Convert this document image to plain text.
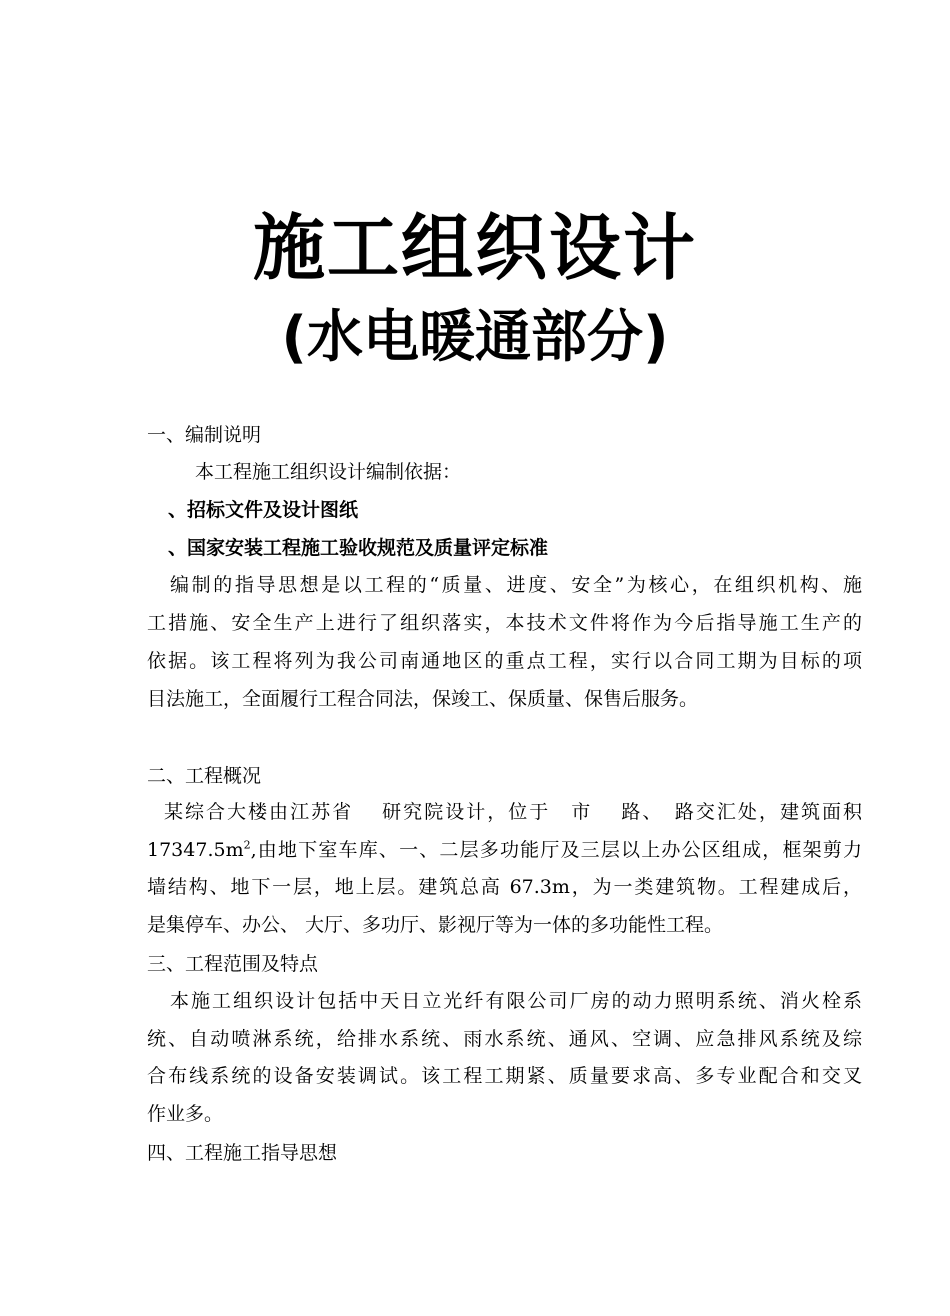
施工组织设计
(水电暖通部分)
一、编制说明
本工程施工组织设计编制依据：
、招标文件及设计图纸
、国家安装工程施工验收规范及质量评定标准
编制的指导思想是以工程的“质量、进度、安全”为核心，在组织机构、施
工措施、安全生产上进行了组织落实，本技术文件将作为今后指导施工生产的
依据。该工程将列为我公司南通地区的重点工程，实行以合同工期为目标的项
目法施工，全面履行工程合同法，保竣工、保质量、保售后服务。
二、工程概况
某综合大楼由江苏省　 研究院设计，位于　市　 路、　路交汇处，建筑面积
$17347.5m^2$,由地下室车库、一、二层多功能厅及三层以上办公区组成，框架剪力
墙结构、地下一层，地上层。建筑总高 67.3m，为一类建筑物。工程建成后，
是集停车、办公、 大厅、多功厅、影视厅等为一体的多功能性工程。
三、工程范围及特点
本施工组织设计包括中天日立光纤有限公司厂房的动力照明系统、消火栓系
统、自动喷淋系统，给排水系统、雨水系统、通风、空调、应急排风系统及综
合布线系统的设备安装调试。该工程工期紧、质量要求高、多专业配合和交叉
作业多。
四、工程施工指导思想
